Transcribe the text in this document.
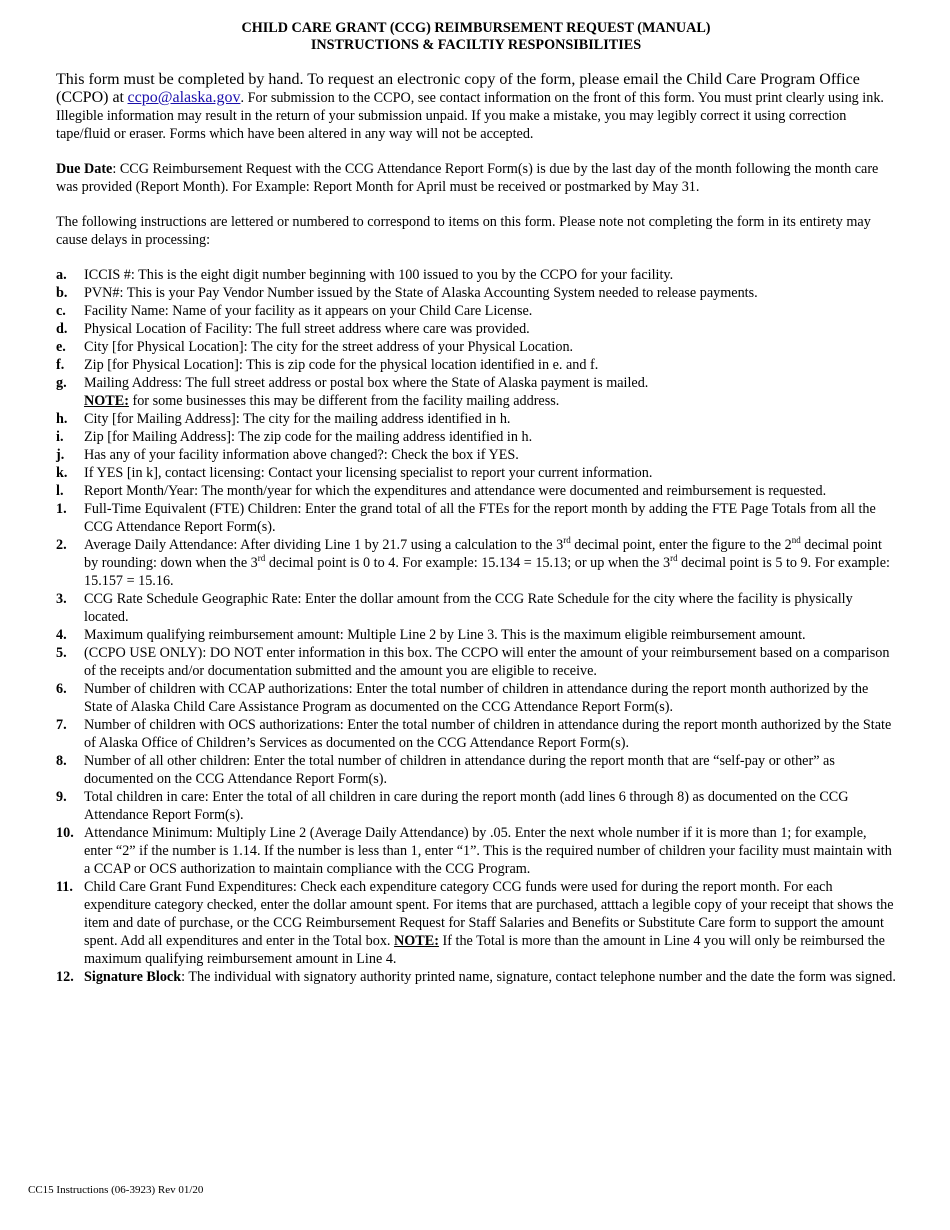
CHILD CARE GRANT (CCG) REIMBURSEMENT REQUEST (MANUAL)

INSTRUCTIONS & FACILTIY RESPONSIBILITIES

This form must be completed by hand. To request an electronic copy of the form, please email the Child Care Program Office (CCPO) at ccpo@alaska.gov. For submission to the CCPO, see contact information on the front of this form. You must print clearly using ink. Illegible information may result in the return of your submission unpaid. If you make a mistake, you may legibly correct it using correction tape/fluid or eraser. Forms which have been altered in any way will not be accepted.

Due Date: CCG Reimbursement Request with the CCG Attendance Report Form(s) is due by the last day of the month following the month care was provided (Report Month). For Example: Report Month for April must be received or postmarked by May 31.

The following instructions are lettered or numbered to correspond to items on this form. Please note not completing the form in its entirety may cause delays in processing:

a.	ICCIS #: This is the eight digit number beginning with 100 issued to you by the CCPO for your facility.
b.	PVN#: This is your Pay Vendor Number issued by the State of Alaska Accounting System needed to release payments.
c.	Facility Name: Name of your facility as it appears on your Child Care License.
d.	Physical Location of Facility: The full street address where care was provided.
e.	City [for Physical Location]: The city for the street address of your Physical Location.
f.	Zip [for Physical Location]: This is zip code for the physical location identified in e. and f.
g.	Mailing Address: The full street address or postal box where the State of Alaska payment is mailed.
NOTE: for some businesses this may be different from the facility mailing address.
h.	City [for Mailing Address]: The city for the mailing address identified in h.
i.	Zip [for Mailing Address]: The zip code for the mailing address identified in h.
j.	Has any of your facility information above changed?: Check the box if YES.
k.	If YES [in k], contact licensing: Contact your licensing specialist to report your current information.
l.	Report Month/Year: The month/year for which the expenditures and attendance were documented and reimbursement is requested.
1.	Full-Time Equivalent (FTE) Children: Enter the grand total of all the FTEs for the report month by adding the FTE Page Totals from all the CCG Attendance Report Form(s).
2.	Average Daily Attendance: After dividing Line 1 by 21.7 using a calculation to the 3rd decimal point, enter the figure to the 2nd decimal point by rounding: down when the 3rd decimal point is 0 to 4. For example: 15.134 = 15.13; or up when the 3rd decimal point is 5 to 9. For example: 15.157 = 15.16.
3.	CCG Rate Schedule Geographic Rate: Enter the dollar amount from the CCG Rate Schedule for the city where the facility is physically located.
4.	Maximum qualifying reimbursement amount: Multiple Line 2 by Line 3. This is the maximum eligible reimbursement amount.
5.	(CCPO USE ONLY): DO NOT enter information in this box. The CCPO will enter the amount of your reimbursement based on a comparison of the receipts and/or documentation submitted and the amount you are eligible to receive.
6.	Number of children with CCAP authorizations: Enter the total number of children in attendance during the report month authorized by the State of Alaska Child Care Assistance Program as documented on the CCG Attendance Report Form(s).
7.	Number of children with OCS authorizations: Enter the total number of children in attendance during the report month authorized by the State of Alaska Office of Children’s Services as documented on the CCG Attendance Report Form(s).
8.	Number of all other children: Enter the total number of children in attendance during the report month that are “self-pay or other” as documented on the CCG Attendance Report Form(s).
9.	Total children in care: Enter the total of all children in care during the report month (add lines 6 through 8) as documented on the CCG Attendance Report Form(s).
10. Attendance Minimum: Multiply Line 2 (Average Daily Attendance) by .05. Enter the next whole number if it is more than 1; for example, enter “2” if the number is 1.14. If the number is less than 1, enter “1”. This is the required number of children your facility must maintain with a CCAP or OCS authorization to maintain compliance with the CCG Program.
11. Child Care Grant Fund Expenditures: Check each expenditure category CCG funds were used for during the report month. For each expenditure category checked, enter the dollar amount spent. For items that are purchased, atttach a legible copy of your receipt that shows the item and date of purchase, or the CCG Reimbursement Request for Staff Salaries and Benefits or Substitute Care form to support the amount spent. Add all expenditures and enter in the Total box. NOTE: If the Total is more than the amount in Line 4 you will only be reimbursed the maximum qualifying reimbursement amount in Line 4.
12. Signature Block: The individual with signatory authority printed name, signature, contact telephone number and the date the form was signed.
CC15 Instructions (06-3923) Rev 01/20
